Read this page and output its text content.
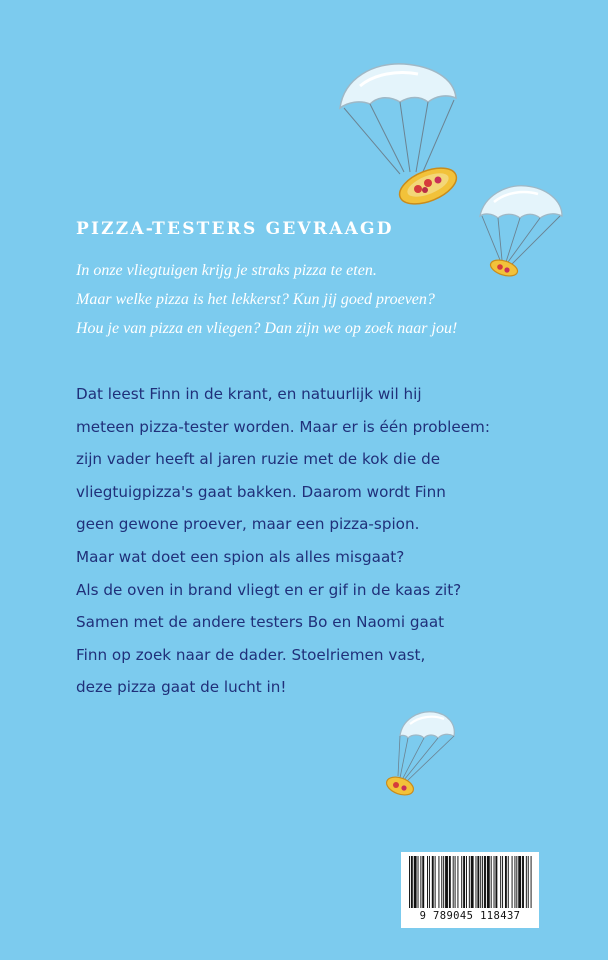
PIZZA-TESTERS GEVRAAGD
In onze vliegtuigen krijg je straks pizza te eten.
Maar welke pizza is het lekkerst? Kun jij goed proeven?
Hou je van pizza en vliegen? Dan zijn we op zoek naar jou!
Dat leest Finn in de krant, en natuurlijk wil hij
meteen pizza-tester worden. Maar er is één probleem:
zijn vader heeft al jaren ruzie met de kok die de
vliegtuigpizza's gaat bakken. Daarom wordt Finn
geen gewone proever, maar een pizza-spion.
Maar wat doet een spion als alles misgaat?
Als de oven in brand vliegt en er gif in de kaas zit?
Samen met de andere testers Bo en Naomi gaat
Finn op zoek naar de dader. Stoelriemen vast,
deze pizza gaat de lucht in!
9 789045 118437
